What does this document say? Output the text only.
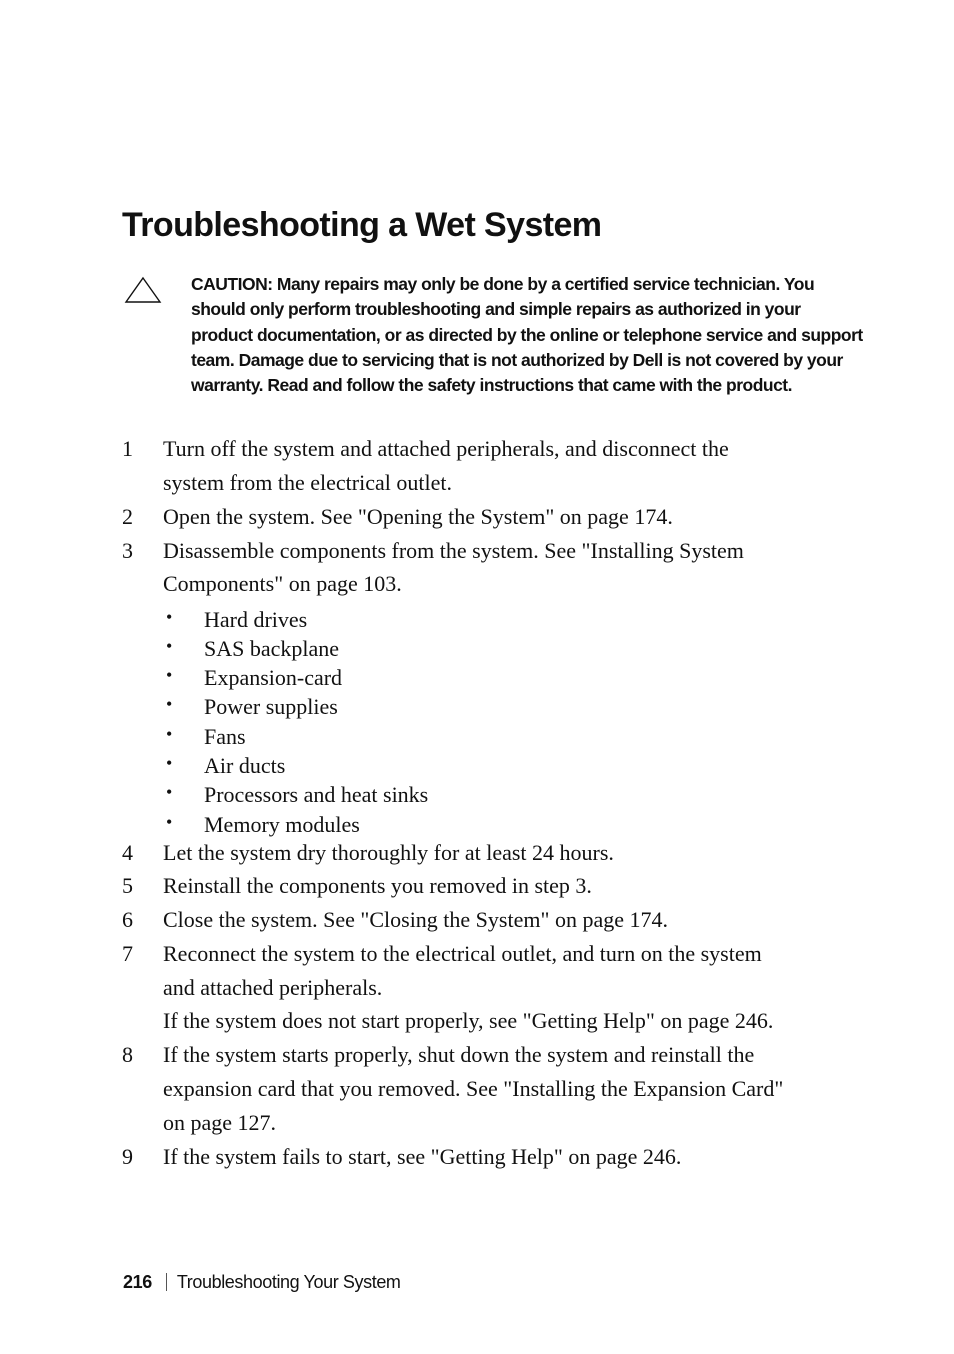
Troubleshooting a Wet System

CAUTION: Many repairs may only be done by a certified service technician. You should only perform troubleshooting and simple repairs as authorized in your product documentation, or as directed by the online or telephone service and support team. Damage due to servicing that is not authorized by Dell is not covered by your warranty. Read and follow the safety instructions that came with the product.

1 Turn off the system and attached peripherals, and disconnect the
system from the electrical outlet.
2 Open the system. See "Opening the System" on page 174.
3 Disassemble components from the system. See "Installing System
Components" on page 103.
• Hard drives
• SAS backplane
• Expansion-card
• Power supplies
• Fans
• Air ducts
• Processors and heat sinks
• Memory modules
4 Let the system dry thoroughly for at least 24 hours.
5 Reinstall the components you removed in step 3.
6 Close the system. See "Closing the System" on page 174.
7 Reconnect the system to the electrical outlet, and turn on the system
and attached peripherals.
If the system does not start properly, see "Getting Help" on page 246.
8 If the system starts properly, shut down the system and reinstall the
expansion card that you removed. See "Installing the Expansion Card"
on page 127.
9 If the system fails to start, see "Getting Help" on page 246.
216 Troubleshooting Your System
